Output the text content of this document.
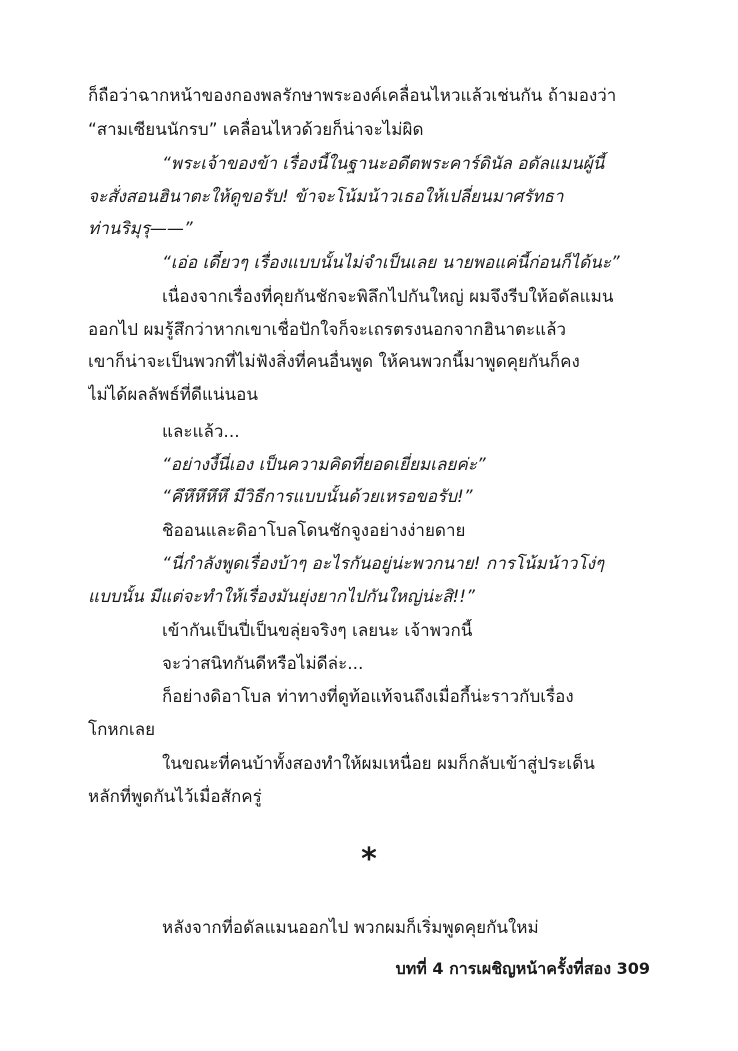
ก็ถือว่าฉากหน้าของกองพลรักษาพระองค์เคลื่อนไหวแล้วเช่นกัน ถ้ามองว่า
“สามเซียนนักรบ” เคลื่อนไหวด้วยก็น่าจะไม่ผิด
“พระเจ้าของข้า เรื่องนี้ในฐานะอดีตพระคาร์ดินัล อดัลแมนผู้นี้
จะสั่งสอนฮินาตะให้ดูขอรับ! ข้าจะโน้มน้าวเธอให้เปลี่ยนมาศรัทธา
ท่านริมุรุ——”
“เอ่อ เดี๋ยวๆ เรื่องแบบนั้นไม่จำเป็นเลย นายพอแค่นี้ก่อนก็ได้นะ”
เนื่องจากเรื่องที่คุยกันชักจะพิลึกไปกันใหญ่ ผมจึงรีบให้อดัลแมน
ออกไป ผมรู้สึกว่าหากเขาเชื่อปักใจก็จะเถรตรงนอกจากฮินาตะแล้ว
เขาก็น่าจะเป็นพวกที่ไม่ฟังสิ่งที่คนอื่นพูด ให้คนพวกนี้มาพูดคุยกันก็คง
ไม่ได้ผลลัพธ์ที่ดีแน่นอน
และแล้ว...
“อย่างงี้นี่เอง เป็นความคิดที่ยอดเยี่ยมเลยค่ะ”
“คึหึหึหึหึ มีวิธีการแบบนั้นด้วยเหรอขอรับ!”
ชิออนและดิอาโบลโดนชักจูงอย่างง่ายดาย
“นี่กำลังพูดเรื่องบ้าๆ อะไรกันอยู่น่ะพวกนาย! การโน้มน้าวโง่ๆ
แบบนั้น มีแต่จะทำให้เรื่องมันยุ่งยากไปกันใหญ่น่ะสิ!!”
เข้ากันเป็นปี่เป็นขลุ่ยจริงๆ เลยนะ เจ้าพวกนี้
จะว่าสนิทกันดีหรือไม่ดีล่ะ...
ก็อย่างดิอาโบล ท่าทางที่ดูท้อแท้จนถึงเมื่อกี้น่ะราวกับเรื่อง
โกหกเลย
ในขณะที่คนบ้าทั้งสองทำให้ผมเหนื่อย ผมก็กลับเข้าสู่ประเด็น
หลักที่พูดกันไว้เมื่อสักครู่
*
หลังจากที่อดัลแมนออกไป พวกผมก็เริ่มพูดคุยกันใหม่
บทที่ 4 การเผชิญหน้าครั้งที่สอง 309
